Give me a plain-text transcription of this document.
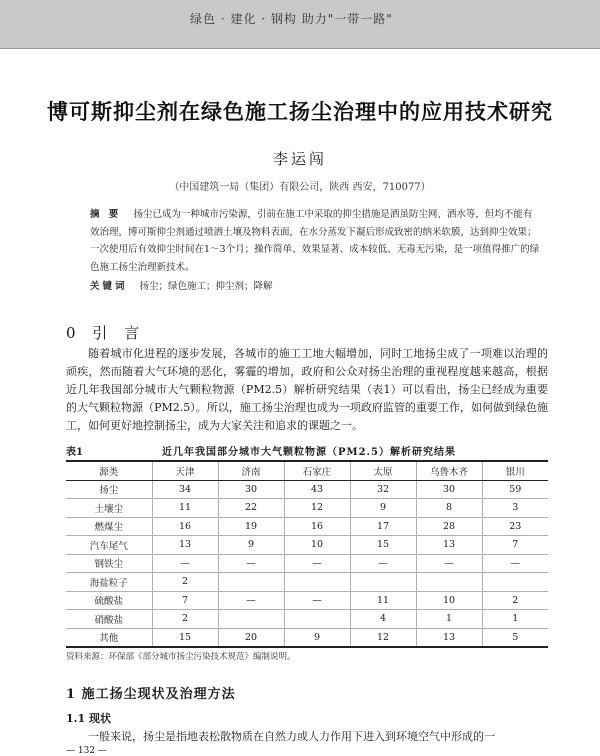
绿色 · 建化 · 钢构 助力"一带一路"
博可斯抑尘剂在绿色施工扬尘治理中的应用技术研究
李运闯
（中国建筑一局（集团）有限公司，陕西 西安，710077）
摘 要 扬尘已成为一种城市污染源，引前在施工中采取的抑尘措施是洒虽防尘网、洒水等，但均不能有效治理，博可斯抑尘剂通过喷洒土壤及物料表面，在水分蒸发下凝后形成致密的纳米软膜，达到抑尘效果；一次使用后有效抑尘时间在1～3个月；操作简单、效果显著、成本较低、无毒无污染，是一项值得推广的绿色施工扬尘治理新技术。
关键词 扬尘；绿色施工；抑尘剂；降解
0 引 言
随着城市化进程的逐步发展，各城市的施工工地大幅增加，同时工地扬尘成了一项难以治理的顽疾，然而随着大气环境的恶化，雾霾的增加，政府和公众对扬尘治理的重视程度越来越高，根据近几年我国部分城市大气颗粒物源（PM2.5）解析研究结果（表1）可以看出，扬尘已经成为重要的大气颗粒物源（PM2.5）。所以，施工扬尘治理也成为一项政府监管的重要工作，如何做到绿色施工，如何更好地控制扬尘，成为大家关注和追求的课题之一。
表1	近几年我国部分城市大气颗粒物源（PM2.5）解析研究结果
源类	天津	济南	石家庄	太原	乌鲁木齐	银川
扬尘	34	30	43	32	30	59
土壤尘	11	22	12	9	8	3
燃煤尘	16	19	16	17	28	23
汽车尾气	13	9	10	15	13	7
钢铁尘	—	—	—	—	—	—
海盐粒子	2					
硫酸盐	7	—	—	11	10	2
硝酸盐	2			4	1	1
其他	15	20	9	12	13	5
资料来源：环保部《部分城市扬尘污染技术规范》编制说明。
1 施工扬尘现状及治理方法
1.1 现状
一般来说，扬尘是指地表松散物质在自然力或人力作用下进入到环境空气中形成的一
— 132 —
